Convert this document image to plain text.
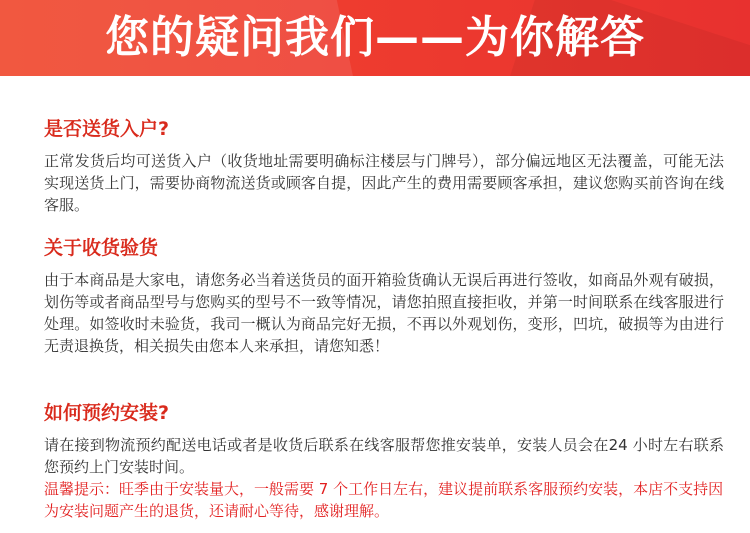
您的疑问我们——为你解答
是否送货入户?
正常发货后均可送货入户（收货地址需要明确标注楼层与门牌号），部分偏远地区无法覆盖，可能无法实现送货上门，需要协商物流送货或顾客自提，因此产生的费用需要顾客承担，建议您购买前咨询在线客服。
关于收货验货
由于本商品是大家电，请您务必当着送货员的面开箱验货确认无误后再进行签收，如商品外观有破损，划伤等或者商品型号与您购买的型号不一致等情况，请您拍照直接拒收，并第一时间联系在线客服进行处理。如签收时未验货，我司一概认为商品完好无损，不再以外观划伤，变形，凹坑，破损等为由进行无责退换货，相关损失由您本人来承担，请您知悉！
如何预约安装?
请在接到物流预约配送电话或者是收货后联系在线客服帮您推安装单，安装人员会在24 小时左右联系您预约上门安装时间。
温馨提示：旺季由于安装量大，一般需要 7 个工作日左右，建议提前联系客服预约安装，本店不支持因为安装问题产生的退货，还请耐心等待，感谢理解。
